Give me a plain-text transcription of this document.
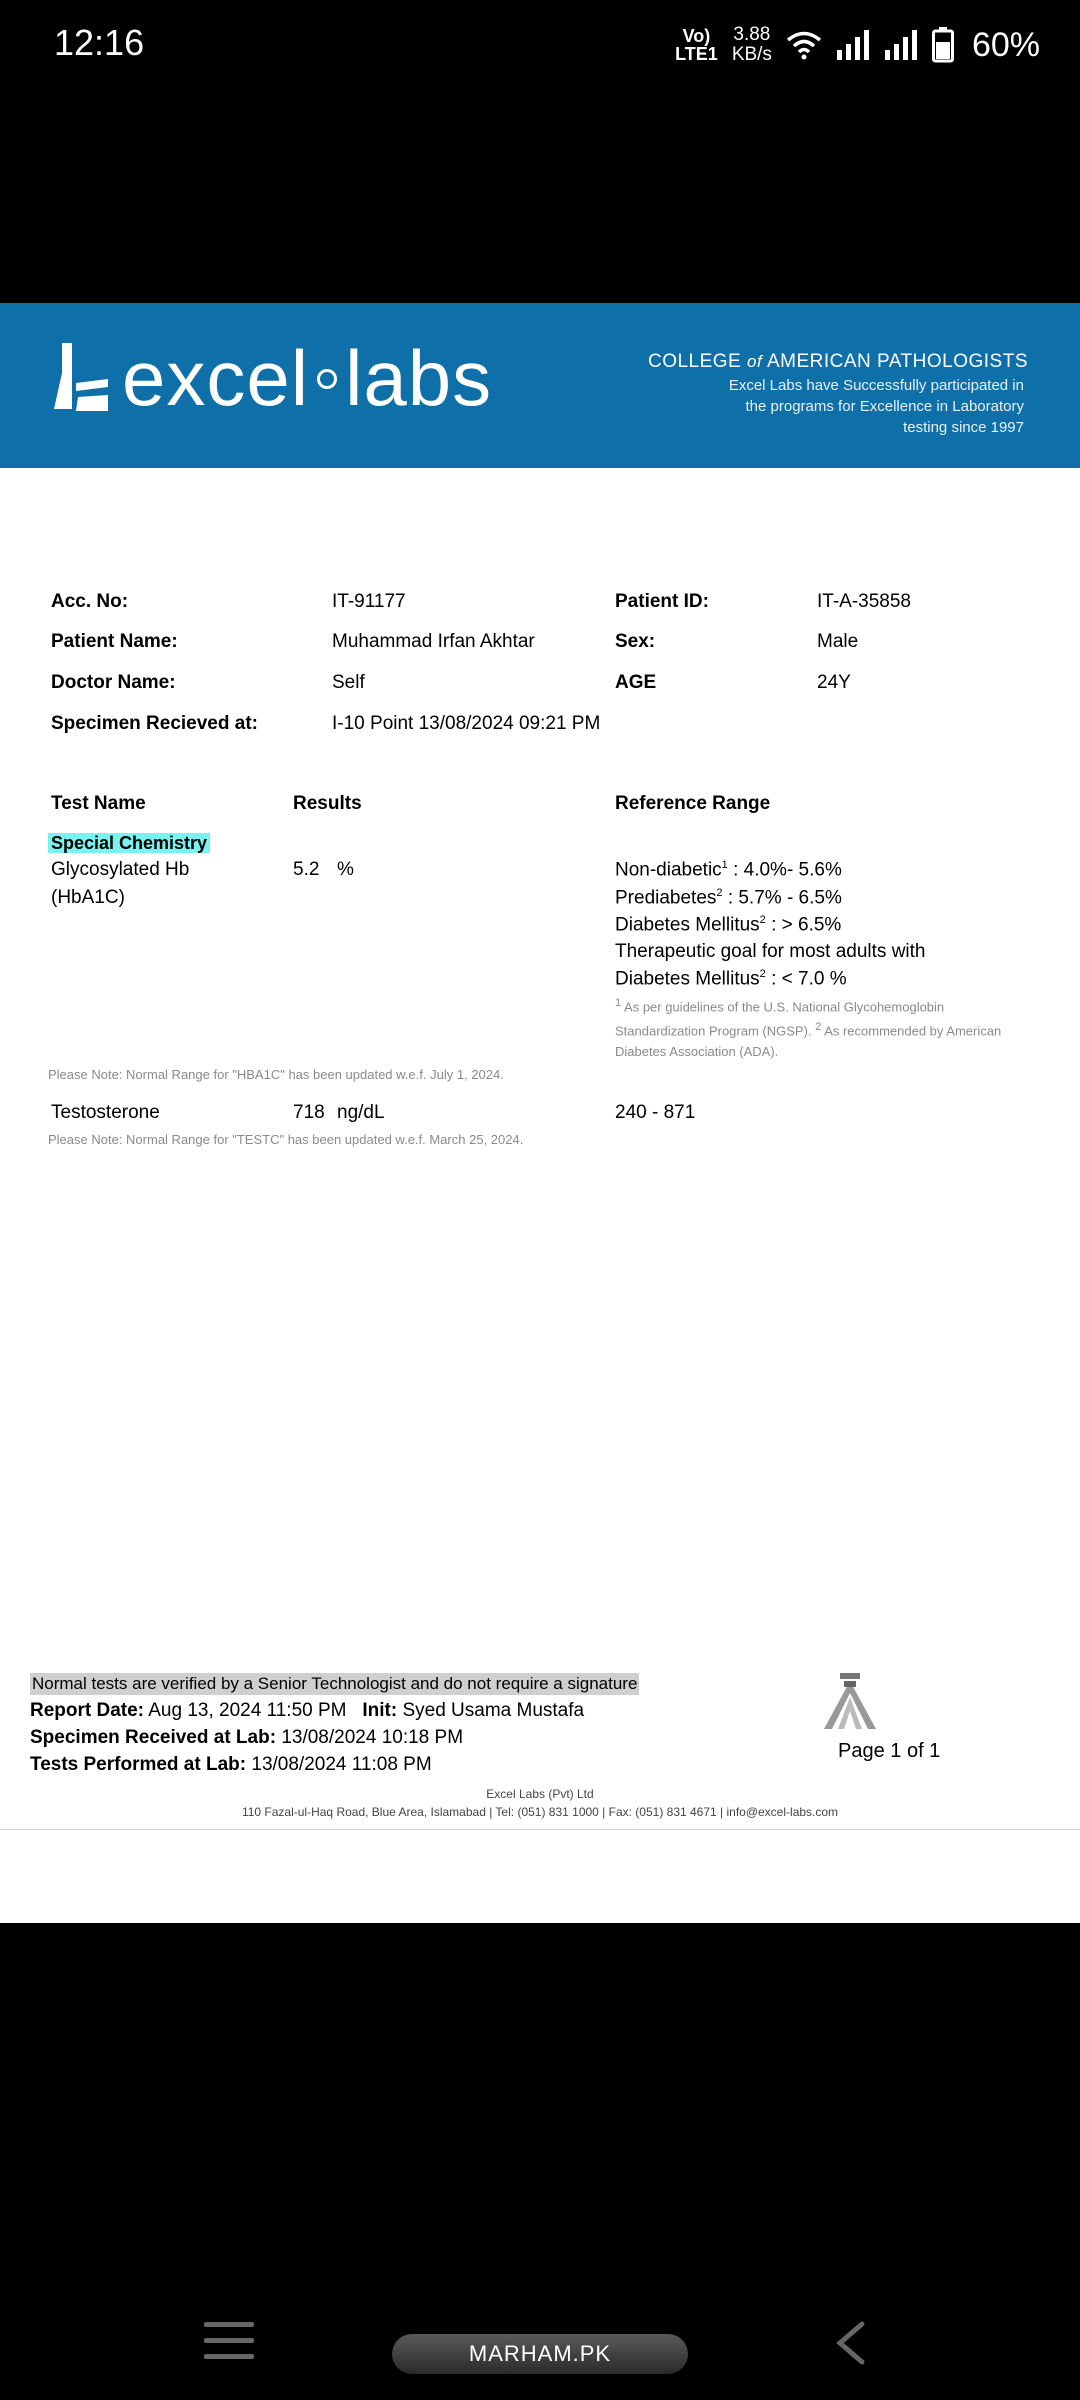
12:16	Vo)
LTE1
3.88
KB/s	60%
excel labs	COLLEGE of AMERICAN PATHOLOGISTS
Excel Labs have Successfully participated in
the programs for Excellence in Laboratory
testing since 1997
Acc. No:	IT-91177	Patient ID:	IT-A-35858
Patient Name:	Muhammad Irfan Akhtar	Sex:	Male
Doctor Name:	Self	AGE	24Y
Specimen Recieved at:	I-10 Point 13/08/2024 09:21 PM
Test Name	Results	Reference Range
Special Chemistry
Glycosylated Hb
(HbA1C)
5.2 %	Non-diabetic$^1$ : 4.0%- 5.6%
Prediabetes$^2$ : 5.7% - 6.5%
Diabetes Mellitus$^2$ : > 6.5%
Therapeutic goal for most adults with
Diabetes Mellitus$^2$ : < 7.0 %
$^1$ As per guidelines of the U.S. National Glycohemoglobin Standardization Program (NGSP). $^2$ As recommended by American Diabetes Association (ADA).
Please Note: Normal Range for "HBA1C" has been updated w.e.f. July 1, 2024.
Testosterone	718 ng/dL	240 - 871
Please Note: Normal Range for "TESTC" has been updated w.e.f. March 25, 2024.
Normal tests are verified by a Senior Technologist and do not require a signature
Report Date: Aug 13, 2024 11:50 PM Init: Syed Usama Mustafa
Specimen Received at Lab: 13/08/2024 10:18 PM
Tests Performed at Lab: 13/08/2024 11:08 PM
Page 1 of 1
Excel Labs (Pvt) Ltd
110 Fazal-ul-Haq Road, Blue Area, Islamabad | Tel: (051) 831 1000 | Fax: (051) 831 4671 | info@excel-labs.com
MARHAM.PK
